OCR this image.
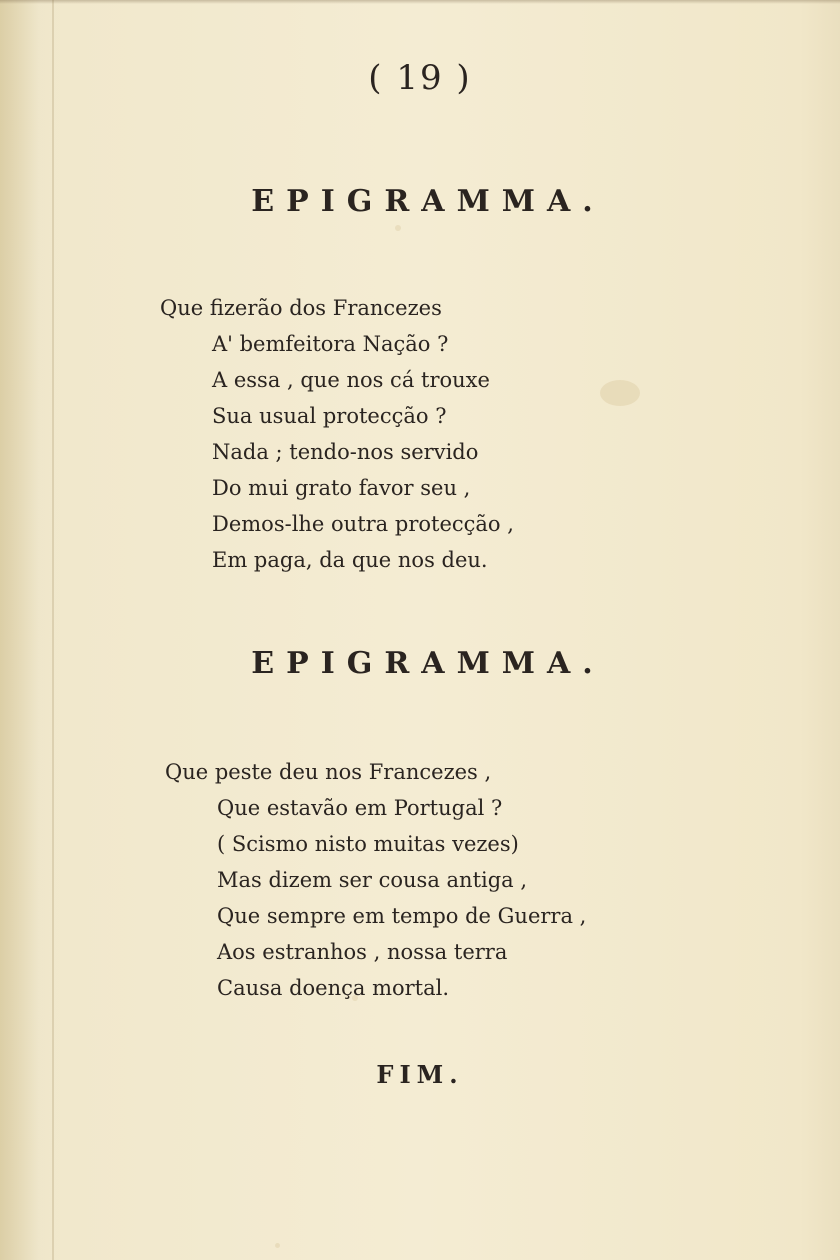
( 19 )
EPIGRAMMA.
Que fizerão dos Francezes
A' bemfeitora Nação ?
A essa , que nos cá trouxe
Sua usual protecção ?
Nada ; tendo-nos servido
Do mui grato favor seu ,
Demos-lhe outra protecção ,
Em paga, da que nos deu.
EPIGRAMMA.
Que peste deu nos Francezes ,
Que estavão em Portugal ?
( Scismo nisto muitas vezes)
Mas dizem ser cousa antiga ,
Que sempre em tempo de Guerra ,
Aos estranhos , nossa terra
Causa doença mortal.
FIM.
